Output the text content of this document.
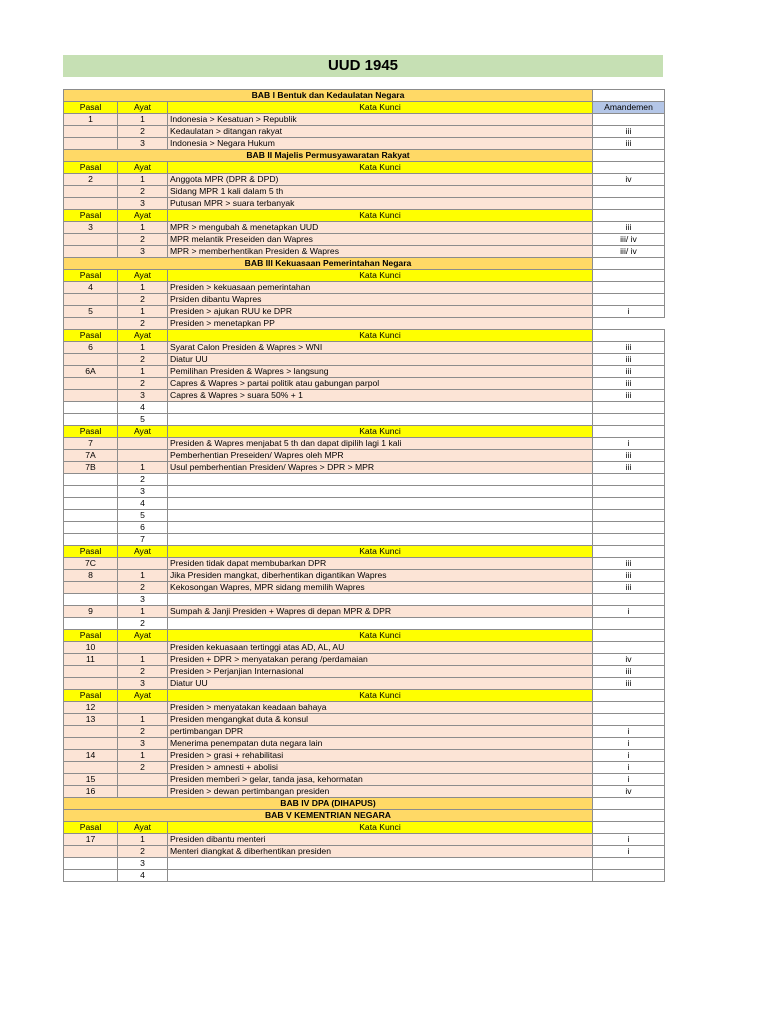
UUD 1945
BAB I Bentuk dan Kedaulatan Negara			
Pasal	Ayat	Kata Kunci	Amandemen
1	1	Indonesia > Kesatuan > Republik	
	2	Kedaulatan > ditangan rakyat	iii
	3	Indonesia > Negara Hukum	iii
BAB II Majelis Permusyawaratan Rakyat			
Pasal	Ayat	Kata Kunci	
2	1	Anggota MPR (DPR & DPD)	iv
	2	Sidang MPR 1 kali dalam 5 th	
	3	Putusan MPR > suara terbanyak	
Pasal	Ayat	Kata Kunci	
3	1	MPR > mengubah & menetapkan UUD	iii
	2	MPR melantik Preseiden dan Wapres	iii/ iv
	3	MPR > memberhentikan Presiden & Wapres	iii/ iv
BAB III Kekuasaan Pemerintahan Negara			
Pasal	Ayat	Kata Kunci	
4	1	Presiden > kekuasaan pemerintahan	
	2	Prsiden dibantu Wapres	
5	1	Presiden > ajukan RUU ke DPR	i
	2	Presiden > menetapkan PP	
Pasal	Ayat	Kata Kunci	
6	1	Syarat Calon Presiden & Wapres > WNI	iii
	2	Diatur UU	iii
6A	1	Pemilihan Presiden & Wapres > langsung	iii
	2	Capres & Wapres > partai politik atau gabungan parpol	iii
	3	Capres & Wapres > suara 50% + 1	iii
	4		
	5		
Pasal	Ayat	Kata Kunci	
7		Presiden & Wapres menjabat 5 th dan dapat dipilih lagi 1 kali	i
7A		Pemberhentian Preseiden/ Wapres oleh MPR	iii
7B	1	Usul pemberhentian Presiden/ Wapres > DPR > MPR	iii
	2		
	3		
	4		
	5		
	6		
	7		
Pasal	Ayat	Kata Kunci	
7C		Presiden tidak dapat membubarkan DPR	iii
8	1	Jika Presiden mangkat, diberhentikan digantikan Wapres	iii
	2	Kekosongan Wapres, MPR sidang memilih Wapres	iii
	3		
9	1	Sumpah & Janji Presiden + Wapres di depan MPR & DPR	i
	2		
Pasal	Ayat	Kata Kunci	
10		Presiden kekuasaan tertinggi atas AD, AL, AU	
11	1	Presiden + DPR > menyatakan perang /perdamaian	iv
	2	Presiden > Perjanjian Internasional	iii
	3	Diatur UU	iii
Pasal	Ayat	Kata Kunci	
12		Presiden > menyatakan keadaan bahaya	
13	1	Presiden mengangkat duta & konsul	
	2	pertimbangan DPR	i
	3	Menerima penempatan duta negara lain	i
14	1	Presiden > grasi + rehabilitasi	i
	2	Presiden > amnesti + abolisi	i
15		Presiden memberi > gelar, tanda jasa, kehormatan	i
16		Presiden > dewan pertimbangan presiden	iv
BAB IV DPA (DIHAPUS)			
BAB V KEMENTRIAN NEGARA			
Pasal	Ayat	Kata Kunci	
17	1	Presiden dibantu menteri	i
	2	Menteri diangkat & diberhentikan presiden	i
	3		
	4		
